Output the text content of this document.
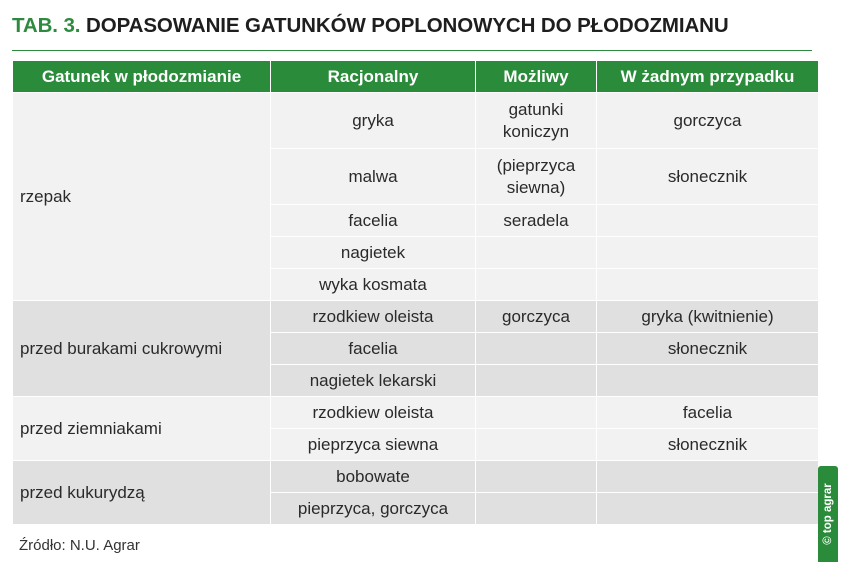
TAB. 3. DOPASOWANIE GATUNKÓW POPLONOWYCH DO PŁODOZMIANU
Gatunek w płodozmianie	Racjonalny	Możliwy	W żadnym przypadku
rzepak	gryka	gatunki koniczyn	gorczyca
	malwa	(pieprzyca siewna)	słonecznik
	facelia	seradela	
	nagietek		
	wyka kosmata		
przed burakami cukrowymi	rzodkiew oleista	gorczyca	gryka (kwitnienie)
	facelia		słonecznik
	nagietek lekarski		
przed ziemniakami	rzodkiew oleista		facelia
	pieprzyca siewna		słonecznik
przed kukurydzą	bobowate		
	pieprzyca, gorczyca		
Źródło: N.U. Agrar
© top agrar
